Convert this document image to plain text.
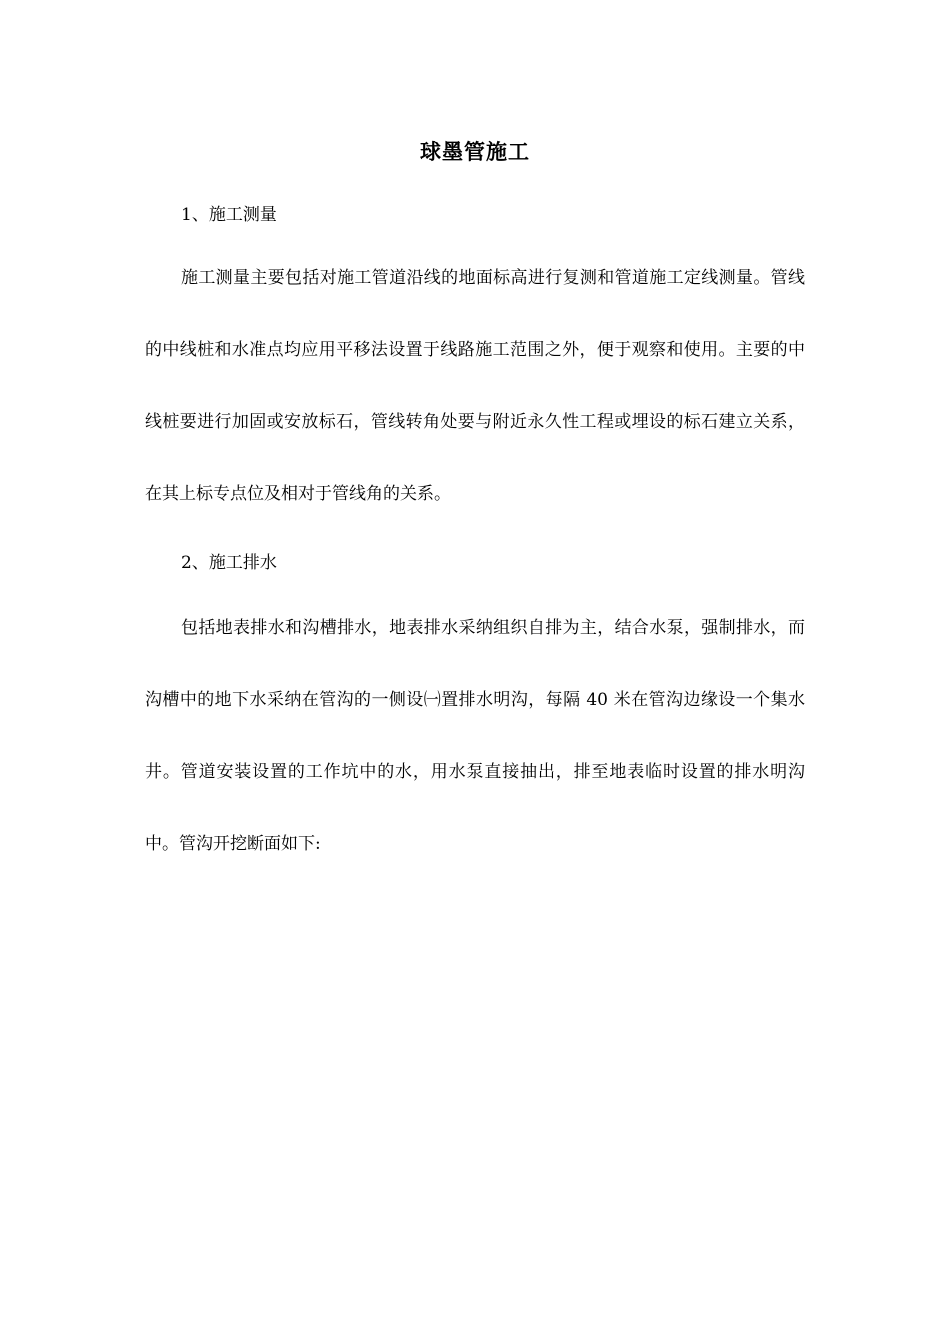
球墨管施工
1、施工测量

施工测量主要包括对施工管道沿线的地面标高进行复测和管道施工定线测量。管线的中线桩和水准点均应用平移法设置于线路施工范围之外，便于观察和使用。主要的中线桩要进行加固或安放标石，管线转角处要与附近永久性工程或埋设的标石建立关系，在其上标专点位及相对于管线角的关系。

2、施工排水

包括地表排水和沟槽排水，地表排水采纳组织自排为主，结合水泵，强制排水，而沟槽中的地下水采纳在管沟的一侧设㈠置排水明沟，每隔 40 米在管沟边缘设一个集水井。管道安装设置的工作坑中的水，用水泵直接抽出，排至地表临时设置的排水明沟中。管沟开挖断面如下:
